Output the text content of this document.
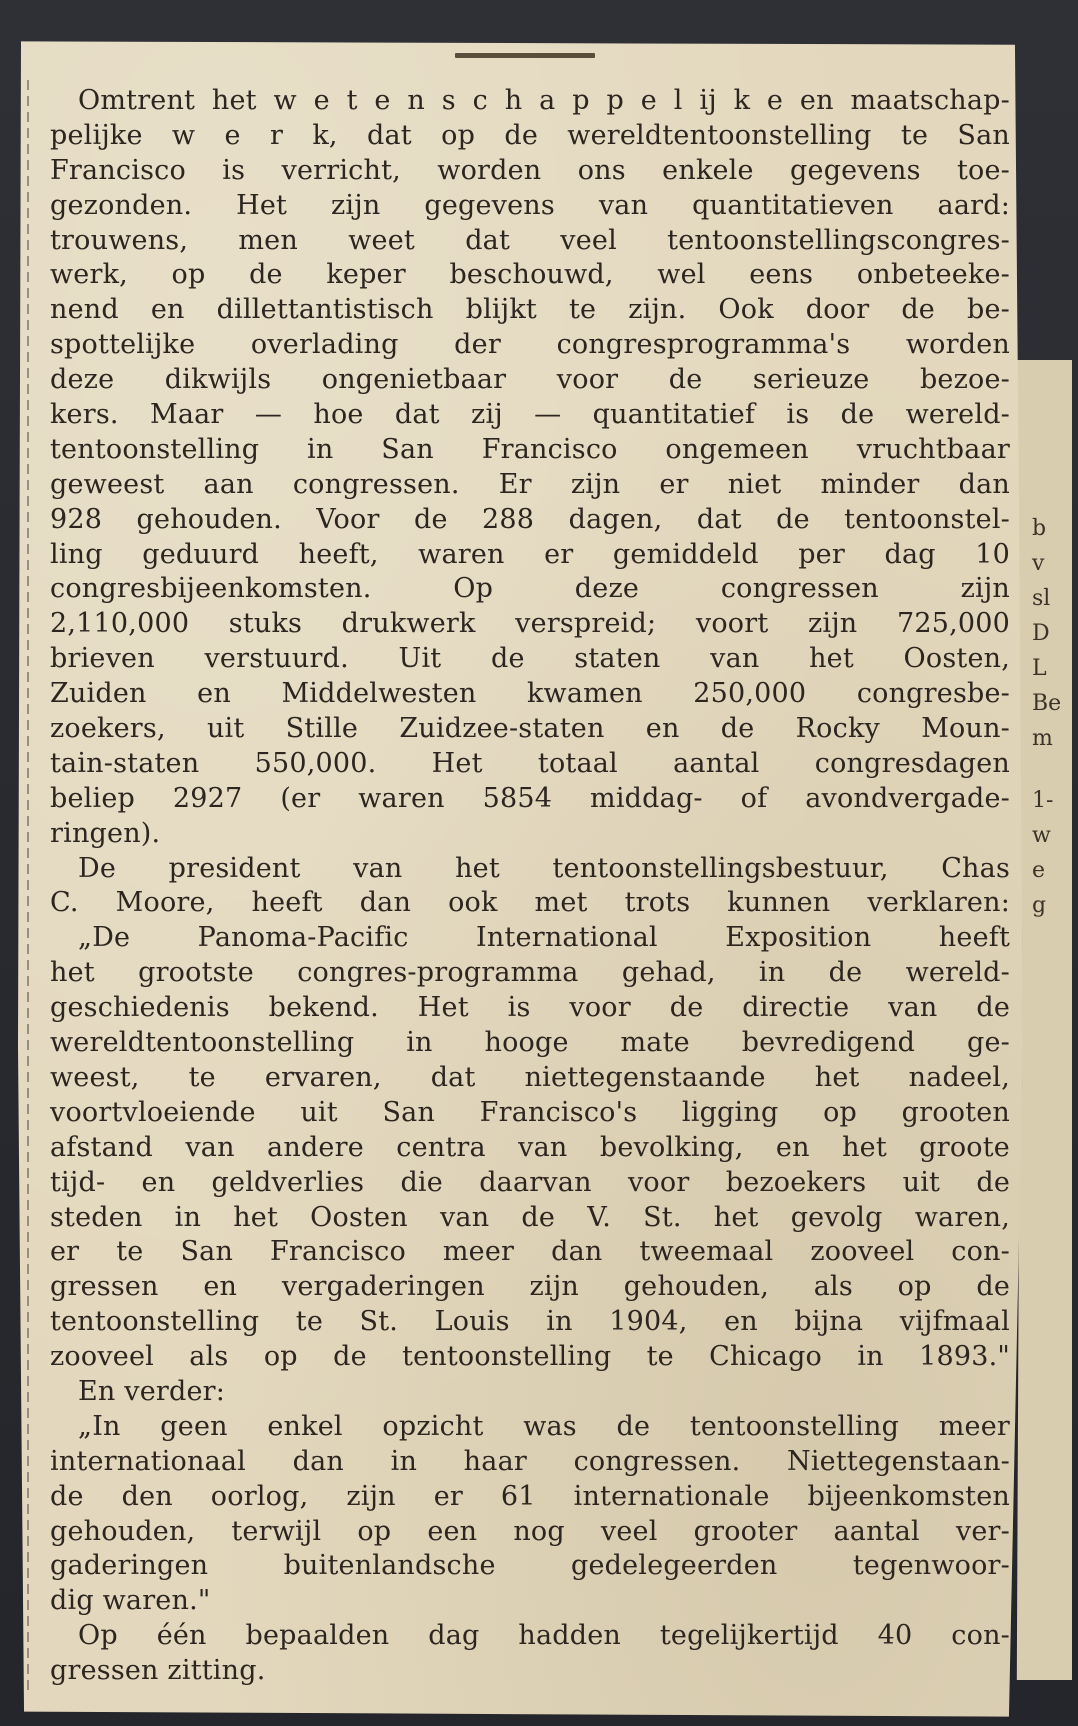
b
v
sl
D
L
Be
m
1-
w
e
g
Omtrent het w e t e n s c h a p p e l ij k e en maatschap-
pelijke w e r k, dat op de wereldtentoonstelling te San
Francisco is verricht, worden ons enkele gegevens toe-
gezonden. Het zijn gegevens van quantitatieven aard:
trouwens, men weet dat veel tentoonstellingscongres-
werk, op de keper beschouwd, wel eens onbeteeke-
nend en dillettantistisch blijkt te zijn. Ook door de be-
spottelijke overlading der congresprogramma's worden
deze dikwijls ongenietbaar voor de serieuze bezoe-
kers. Maar — hoe dat zij — quantitatief is de wereld-
tentoonstelling in San Francisco ongemeen vruchtbaar
geweest aan congressen. Er zijn er niet minder dan
928 gehouden. Voor de 288 dagen, dat de tentoonstel-
ling geduurd heeft, waren er gemiddeld per dag 10
congresbijeenkomsten. Op deze congressen zijn
2,110,000 stuks drukwerk verspreid; voort zijn 725,000
brieven verstuurd. Uit de staten van het Oosten,
Zuiden en Middelwesten kwamen 250,000 congresbe-
zoekers, uit Stille Zuidzee-staten en de Rocky Moun-
tain-staten 550,000. Het totaal aantal congresdagen
beliep 2927 (er waren 5854 middag- of avondvergade-
ringen).
De president van het tentoonstellingsbestuur, Chas
C. Moore, heeft dan ook met trots kunnen verklaren:
„De Panoma-Pacific International Exposition heeft
het grootste congres-programma gehad, in de wereld-
geschiedenis bekend. Het is voor de directie van de
wereldtentoonstelling in hooge mate bevredigend ge-
weest, te ervaren, dat niettegenstaande het nadeel,
voortvloeiende uit San Francisco's ligging op grooten
afstand van andere centra van bevolking, en het groote
tijd- en geldverlies die daarvan voor bezoekers uit de
steden in het Oosten van de V. St. het gevolg waren,
er te San Francisco meer dan tweemaal zooveel con-
gressen en vergaderingen zijn gehouden, als op de
tentoonstelling te St. Louis in 1904, en bijna vijfmaal
zooveel als op de tentoonstelling te Chicago in 1893."
En verder:
„In geen enkel opzicht was de tentoonstelling meer
internationaal dan in haar congressen. Niettegenstaan-
de den oorlog, zijn er 61 internationale bijeenkomsten
gehouden, terwijl op een nog veel grooter aantal ver-
gaderingen buitenlandsche gedelegeerden tegenwoor-
dig waren."
Op één bepaalden dag hadden tegelijkertijd 40 con-
gressen zitting.
